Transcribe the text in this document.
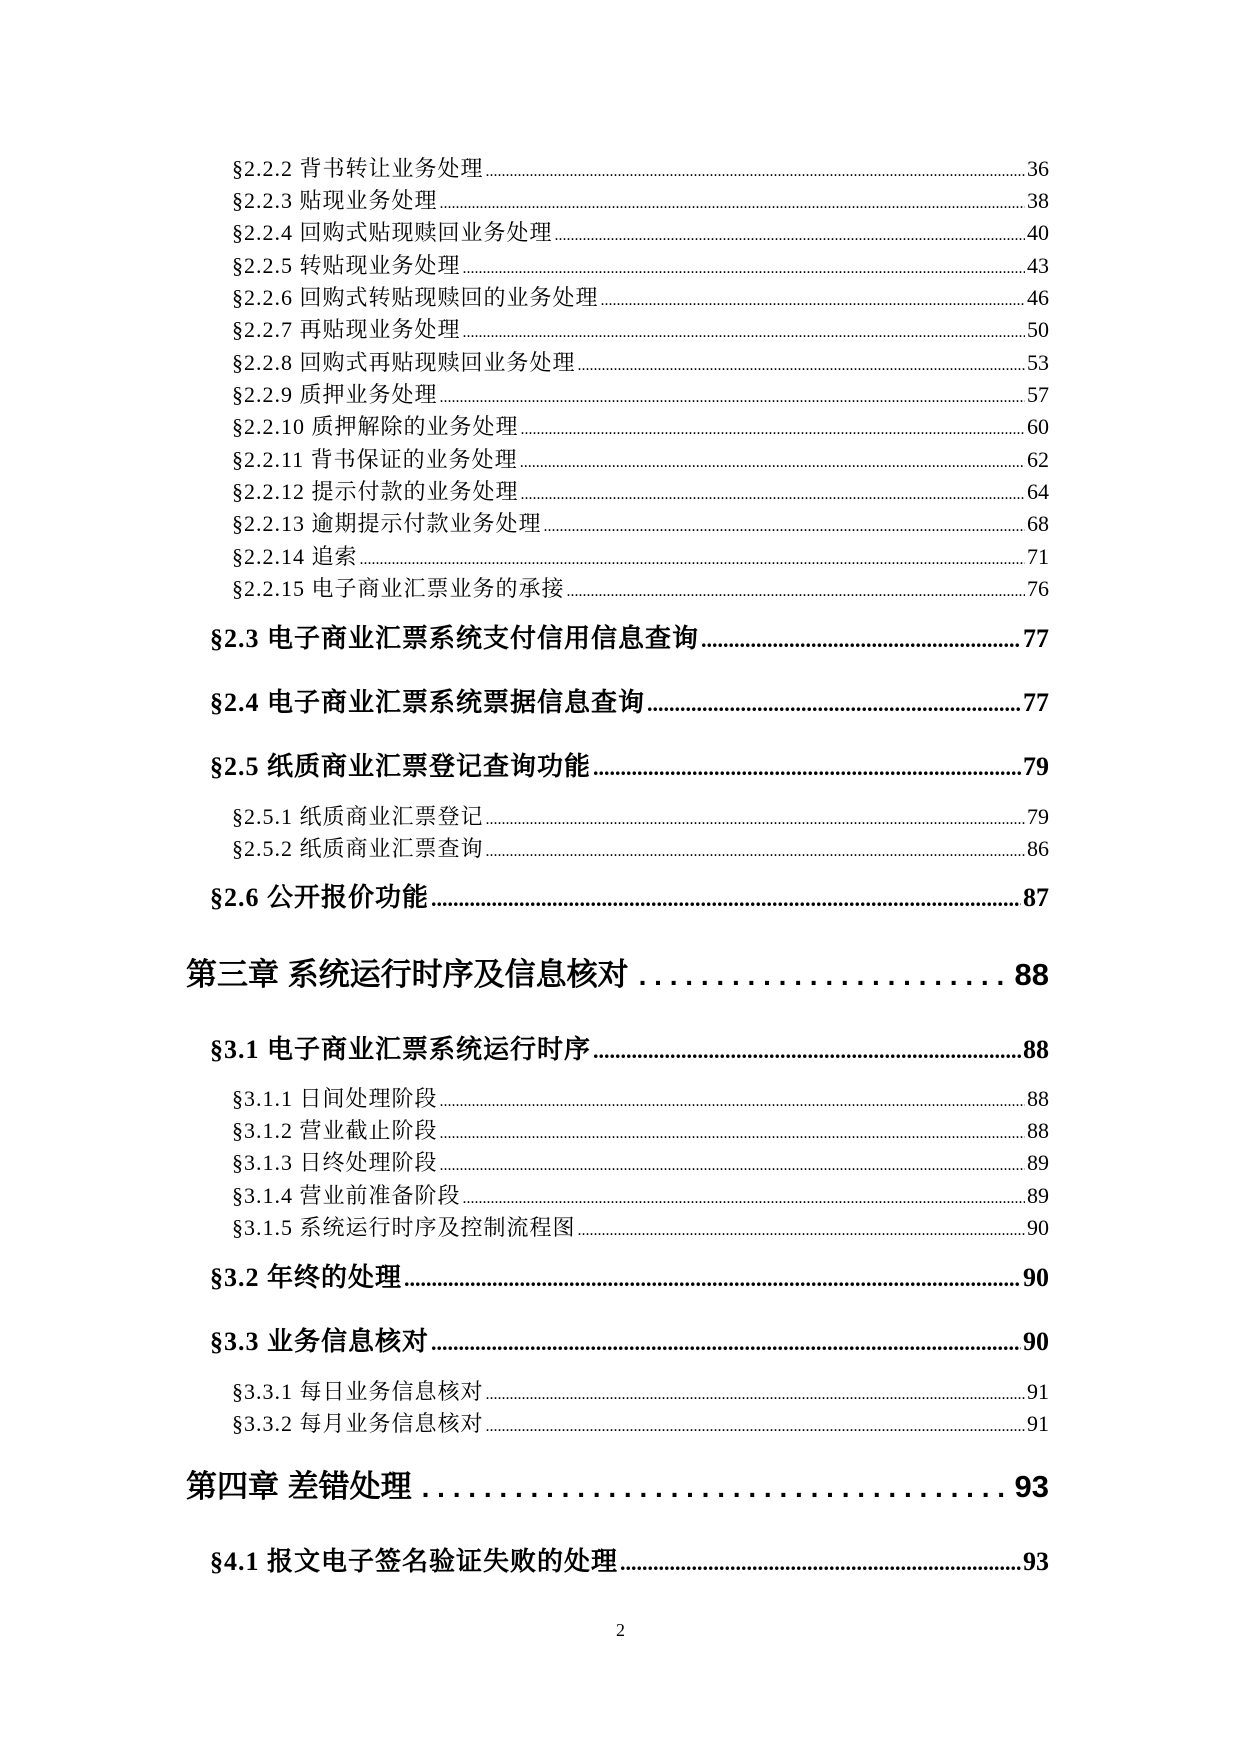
§2.2.2 背书转让业务处理 .....	36
§2.2.3 贴现业务处理 .....	38
§2.2.4 回购式贴现赎回业务处理 .....	40
§2.2.5 转贴现业务处理 .....	43
§2.2.6 回购式转贴现赎回的业务处理 .....	46
§2.2.7 再贴现业务处理 .....	50
§2.2.8 回购式再贴现赎回业务处理 .....	53
§2.2.9 质押业务处理 .....	57
§2.2.10 质押解除的业务处理 .....	60
§2.2.11 背书保证的业务处理 .....	62
§2.2.12 提示付款的业务处理 .....	64
§2.2.13 逾期提示付款业务处理 .....	68
§2.2.14 追索 .....	71
§2.2.15 电子商业汇票业务的承接 .....	76
§2.3 电子商业汇票系统支付信用信息查询 .....	77
§2.4 电子商业汇票系统票据信息查询 .....	77
§2.5 纸质商业汇票登记查询功能 .....	79
§2.5.1 纸质商业汇票登记 .....	79
§2.5.2 纸质商业汇票查询 .....	86
§2.6 公开报价功能 .....	87
第三章 系统运行时序及信息核对 . . .	88
§3.1 电子商业汇票系统运行时序 .....	88
§3.1.1 日间处理阶段 .....	88
§3.1.2 营业截止阶段 .....	88
§3.1.3 日终处理阶段 .....	89
§3.1.4 营业前准备阶段 .....	89
§3.1.5 系统运行时序及控制流程图 .....	90
§3.2 年终的处理 .....	90
§3.3 业务信息核对 .....	90
§3.3.1 每日业务信息核对 .....	91
§3.3.2 每月业务信息核对 .....	91
第四章 差错处理 . . .	93
§4.1 报文电子签名验证失败的处理 .....	93
2
